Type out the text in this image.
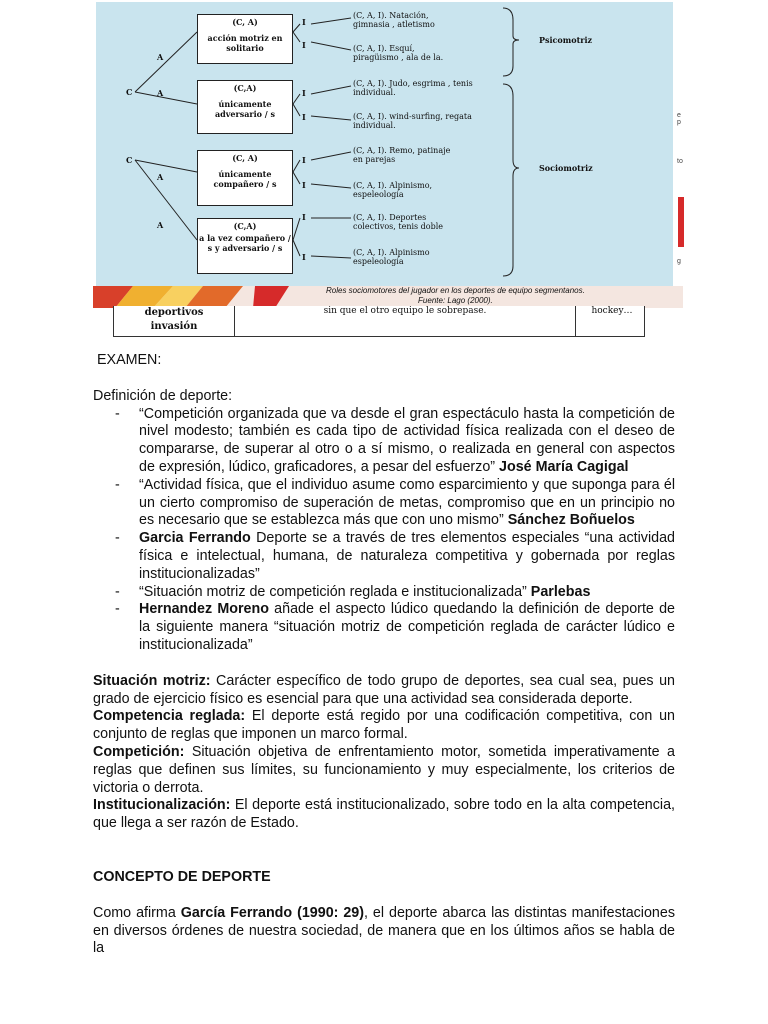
C
C
A
A
A
A
(C, A)
acción motriz en solitario
(C,A)
únicamente adversario / s
(C, A)
únicamente compañero / s
(C,A)
a la vez compañero / s y adversario / s
I
I
I
I
I
I
I
I
(C, A, I). Natación, gimnasia , atletismo
(C, A, I). Esquí, piragüismo , ala de la.
(C, A, I). Judo, esgrima , tenis individual.
(C, A, I). wind-surfing, regata individual.
(C, A, I). Remo, patinaje en parejas
(C, A, I). Alpinismo, espeleología
(C, A, I). Deportes colectivos, tenis doble
(C, A, I). Alpinismo espeleología
Psicomotriz
Sociomotriz
Roles sociomotores del jugador en los deportes de equipo segmentanos.
Fuente: Lago (2000).
deportivos
invasión
sin que el otro equipo le sobrepase.	hockey…
e p
to
g

EXAMEN:

Definición de deporte:

- “Competición organizada que va desde el gran espectáculo hasta la competición de nivel modesto; también es cada tipo de actividad física realizada con el deseo de compararse, de superar al otro o a sí mismo, o realizada en general con aspectos de expresión, lúdico, graficadores, a pesar del esfuerzo” José María Cagigal
- “Actividad física, que el individuo asume como esparcimiento y que suponga para él un cierto compromiso de superación de metas, compromiso que en un principio no es necesario que se establezca más que con uno mismo” Sánchez Boñuelos
- Garcia Ferrando Deporte se a través de tres elementos especiales “una actividad física e intelectual, humana, de naturaleza competitiva y gobernada por reglas institucionalizadas”
- “Situación motriz de competición reglada e institucionalizada” Parlebas
- Hernandez Moreno añade el aspecto lúdico quedando la definición de deporte de la siguiente manera “situación motriz de competición reglada de carácter lúdico e institucionalizada”

Situación motriz: Carácter específico de todo grupo de deportes, sea cual sea, pues un grado de ejercicio físico es esencial para que una actividad sea considerada deporte.

Competencia reglada: El deporte está regido por una codificación competitiva, con un conjunto de reglas que imponen un marco formal.

Competición: Situación objetiva de enfrentamiento motor, sometida imperativamente a reglas que definen sus límites, su funcionamiento y muy especialmente, los criterios de victoria o derrota.

Institucionalización: El deporte está institucionalizado, sobre todo en la alta competencia, que llega a ser razón de Estado.

CONCEPTO DE DEPORTE

Como afirma García Ferrando (1990: 29), el deporte abarca las distintas manifestaciones en diversos órdenes de nuestra sociedad, de manera que en los últimos años se habla de la
